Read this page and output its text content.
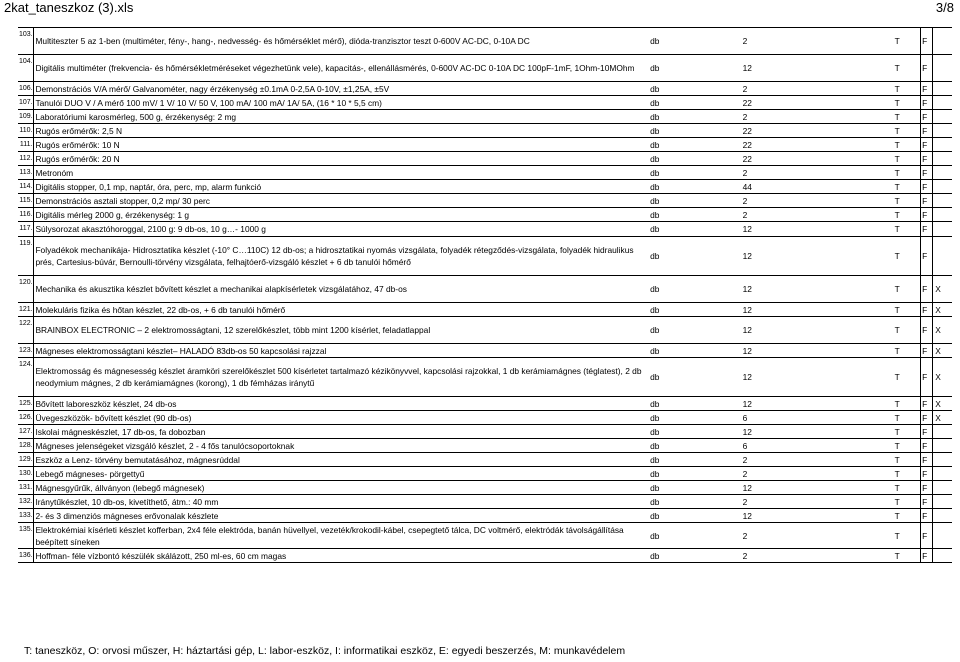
2kat_taneszkoz (3).xls	3/8
103.	Multiteszter 5 az 1-ben (multiméter, fény-, hang-, nedvesség- és hőmérséklet mérő), dióda-tranzisztor teszt 0-600V AC-DC, 0-10A DC	db	2	T	F	
104.	Digitális multiméter (frekvencia- és hőmérsékletméréseket végezhetünk vele), kapacitás-, ellenállásmérés, 0-600V AC-DC 0-10A DC 100pF-1mF, 1Ohm-10MOhm	db	12	T	F	
106.	Demonstrációs V/A mérő/ Galvanométer, nagy érzékenység ±0.1mA 0-2,5A 0-10V, ±1,25A, ±5V	db	2	T	F	
107.	Tanulói DUO V / A mérő 100 mV/ 1 V/ 10 V/ 50 V, 100 mA/ 100 mA/ 1A/ 5A, (16 * 10 * 5,5 cm)	db	22	T	F	
109.	Laboratóriumi karosmérleg, 500 g, érzékenység: 2 mg	db	2	T	F	
110.	Rugós erőmérők: 2,5 N	db	22	T	F	
111.	Rugós erőmérők: 10 N	db	22	T	F	
112.	Rugós erőmérők: 20 N	db	22	T	F	
113.	Metronóm	db	2	T	F	
114.	Digitális stopper, 0,1 mp, naptár, óra, perc, mp, alarm funkció	db	44	T	F	
115.	Demonstrációs asztali stopper, 0,2 mp/ 30 perc	db	2	T	F	
116.	Digitális mérleg 2000 g, érzékenység: 1 g	db	2	T	F	
117.	Súlysorozat akasztóhoroggal, 2100 g: 9 db-os, 10 g…- 1000 g	db	12	T	F	
119.	Folyadékok mechanikája- Hidrosztatika készlet (-10° C…110C) 12 db-os; a hidrosztatikai nyomás vizsgálata, folyadék rétegződés-vizsgálata, folyadék hidraulikus prés, Cartesius-búvár, Bernoulli-törvény vizsgálata, felhajtóerő-vizsgáló készlet + 6 db tanulói hőmérő	db	12	T	F	
120.	Mechanika és akusztika készlet bővített készlet a mechanikai alapkísérletek vizsgálatához, 47 db-os	db	12	T	F	X
121.	Molekuláris fizika és hőtan készlet, 22 db-os, + 6 db tanulói hőmérő	db	12	T	F	X
122.	BRAINBOX ELECTRONIC – 2 elektromosságtani, 12 szerelőkészlet, több mint 1200 kísérlet, feladatlappal	db	12	T	F	X
123.	Mágneses elektromosságtani készlet– HALADÓ 83db-os 50 kapcsolási rajzzal	db	12	T	F	X
124.	Elektromosság és mágnesesség készlet áramköri szerelőkészlet 500 kísérletet tartalmazó kézikönyvvel, kapcsolási rajzokkal, 1 db kerámiamágnes (téglatest), 2 db neodymium mágnes, 2 db kerámiamágnes (korong), 1 db fémházas iránytű	db	12	T	F	X
125.	Bővített laboreszköz készlet, 24 db-os	db	12	T	F	X
126.	Üvegeszközök- bővített készlet (90 db-os)	db	6	T	F	X
127.	Iskolai mágneskészlet, 17 db-os, fa dobozban	db	12	T	F	
128.	Mágneses jelenségeket vizsgáló készlet, 2 - 4 fős tanulócsoportoknak	db	6	T	F	
129.	Eszköz a Lenz- törvény bemutatásához, mágnesrúddal	db	2	T	F	
130.	Lebegő mágneses- pörgettyű	db	2	T	F	
131.	Mágnesgyűrűk, állványon (lebegő mágnesek)	db	12	T	F	
132.	Iránytűkészlet, 10 db-os, kivetíthető, átm.: 40 mm	db	2	T	F	
133.	2- és 3 dimenziós mágneses erővonalak készlete	db	12	T	F	
135.	Elektrokémiai kísérleti készlet kofferban, 2x4 féle elektróda, banán hüvellyel, vezeték/krokodil-kábel, csepegtető tálca, DC voltmérő, elektródák távolságállítása beépített síneken	db	2	T	F	
136.	Hoffman- féle vízbontó készülék skálázott, 250 ml-es, 60 cm magas	db	2	T	F	
T: taneszköz, O: orvosi műszer, H: háztartási gép, L: labor-eszköz, I: informatikai eszköz, E: egyedi beszerzés, M: munkavédelem
